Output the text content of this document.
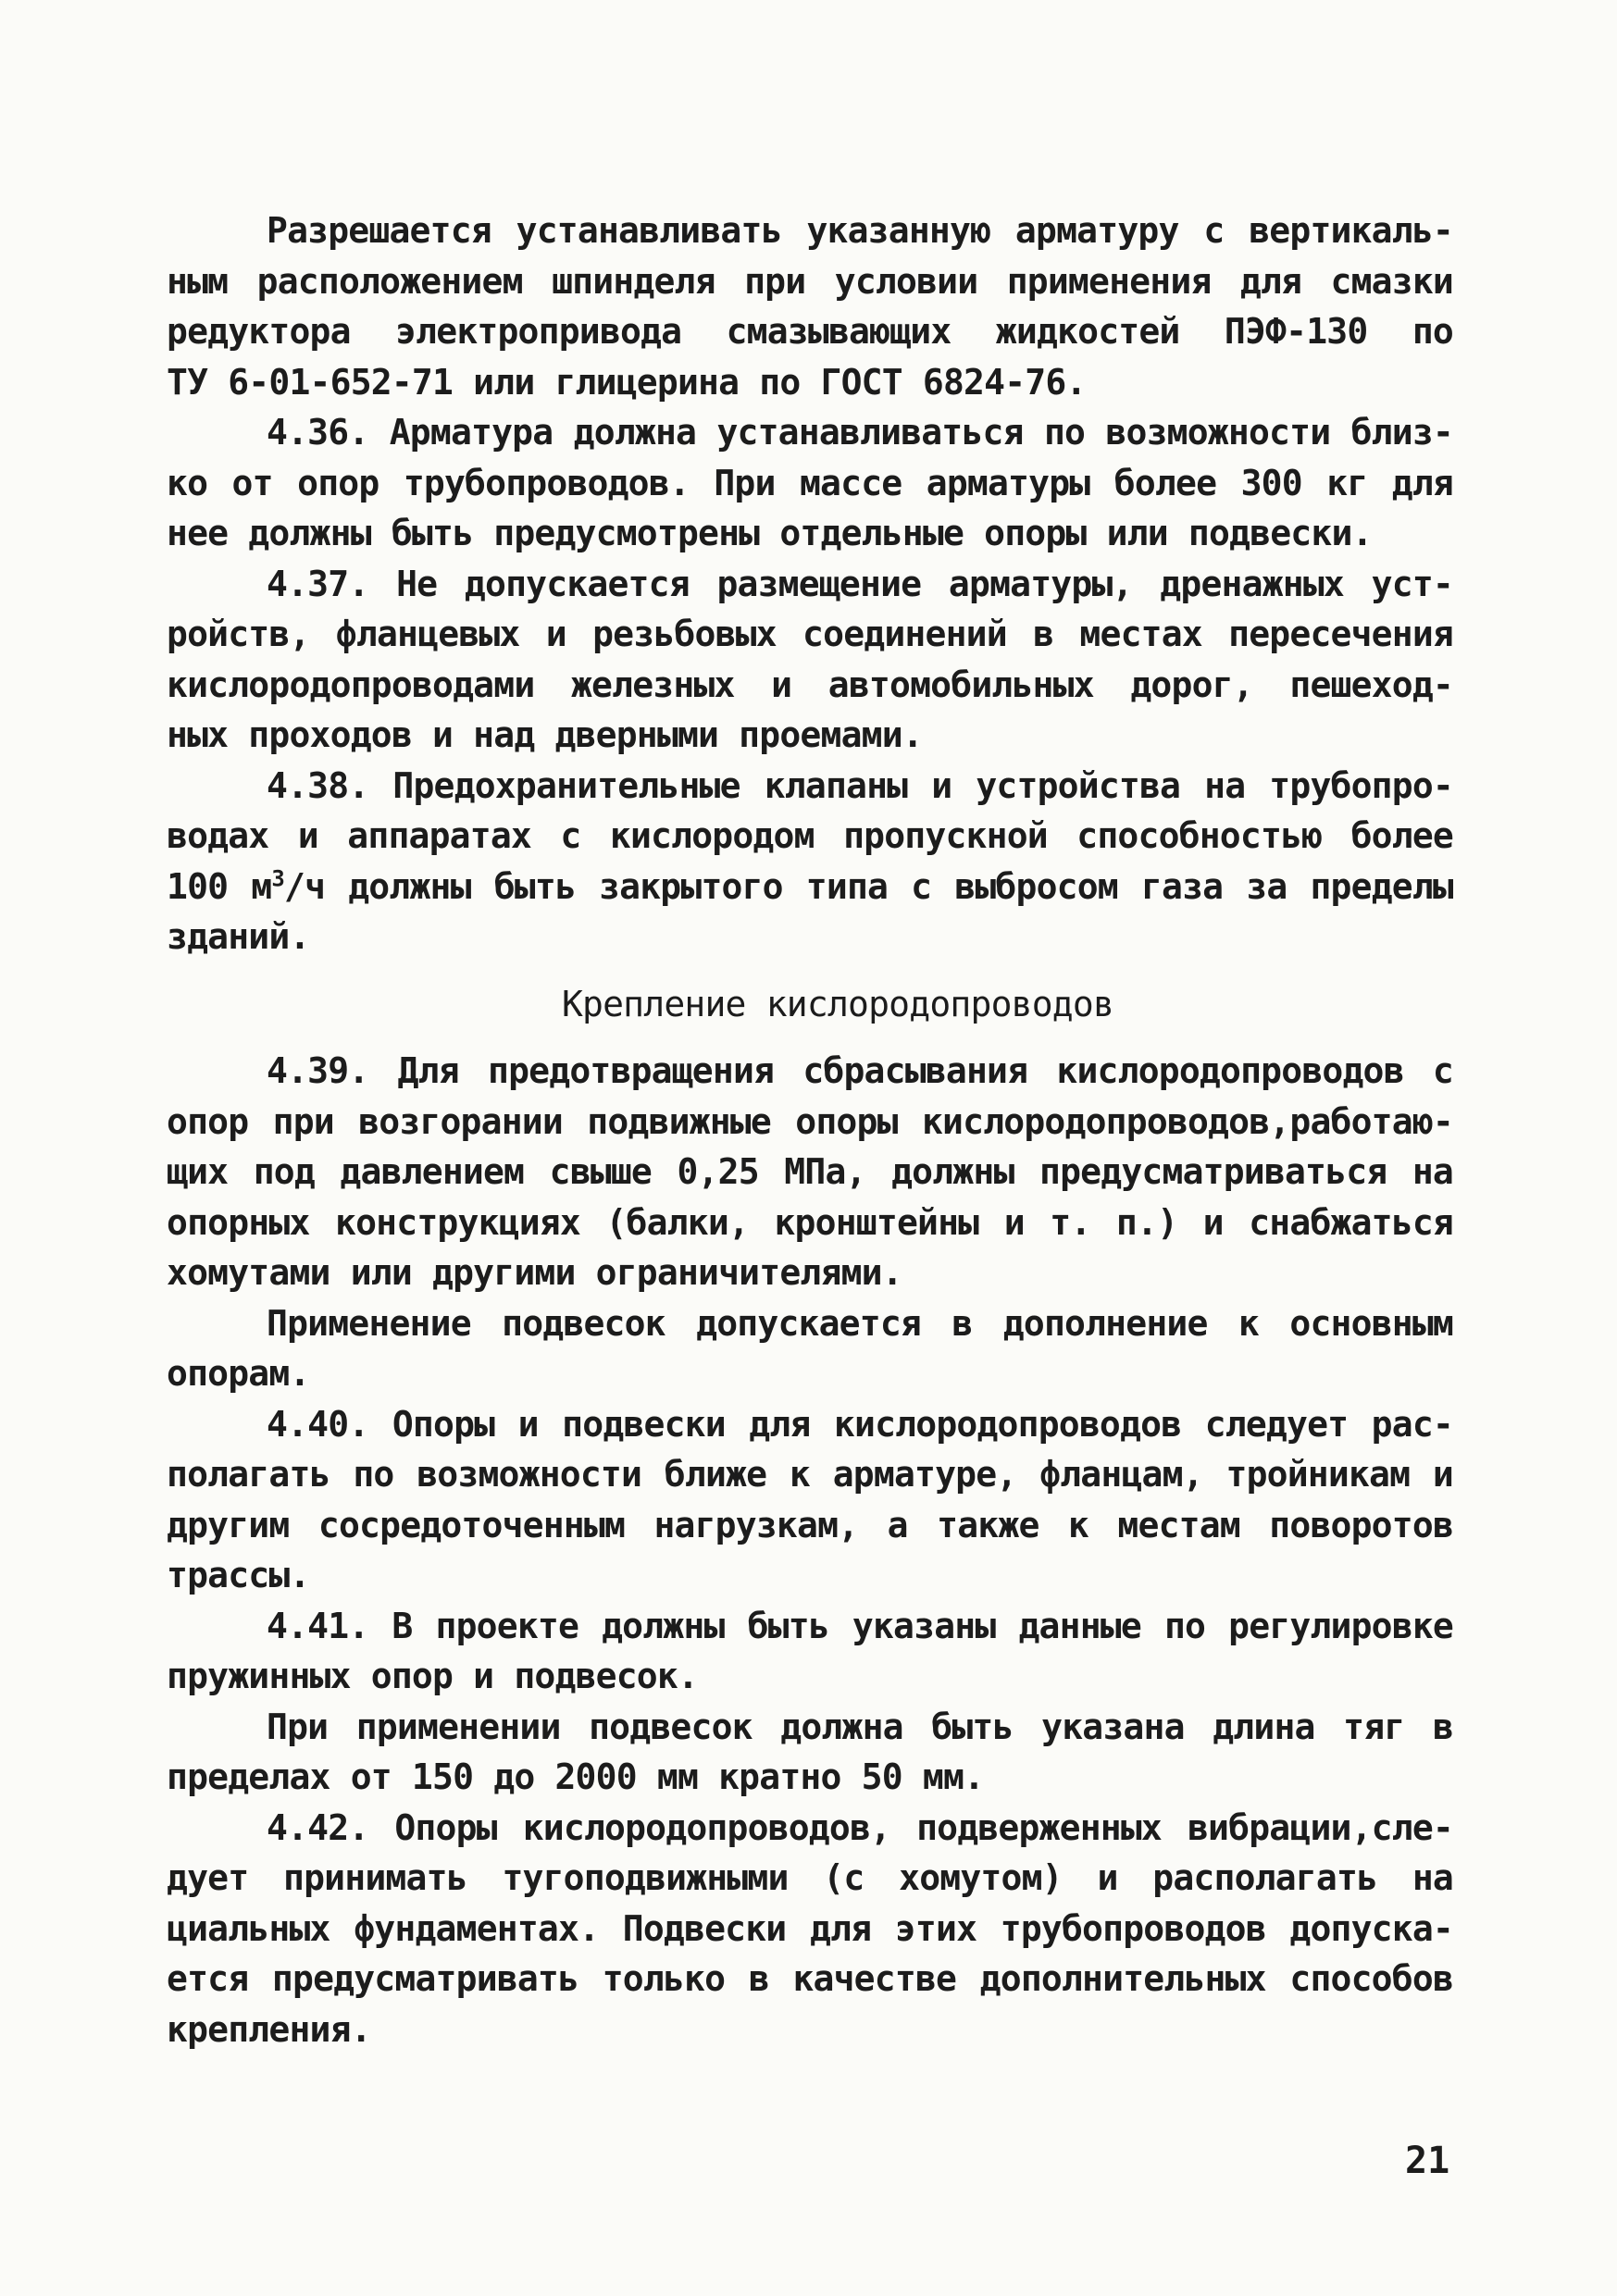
Разрешается устанавливать указанную арматуру с вертикаль-
ным расположением шпинделя при условии применения для смазки
редуктора электропривода смазывающих жидкостей ПЭФ-130 по
ТУ 6-01-652-71 или глицерина по ГОСТ 6824-76.
4.36. Арматура должна устанавливаться по возможности близ-
ко от опор трубопроводов. При массе арматуры более 300 кг для
нее должны быть предусмотрены отдельные опоры или подвески.
4.37. Не допускается размещение арматуры, дренажных уст-
ройств, фланцевых и резьбовых соединений в местах пересечения
кислородопроводами железных и автомобильных дорог, пешеход-
ных проходов и над дверными проемами.
4.38. Предохранительные клапаны и устройства на трубопро-
водах и аппаратах с кислородом пропускной способностью более
100 $м^3/ч$ должны быть закрытого типа с выбросом газа за пределы
зданий.
Крепление кислородопроводов
4.39. Для предотвращения сбрасывания кислородопроводов с
опор при возгорании подвижные опоры кислородопроводов,работаю-
щих под давлением свыше 0,25 МПа, должны предусматриваться на
опорных конструкциях (балки, кронштейны и т. п.) и снабжаться
хомутами или другими ограничителями.
Применение подвесок допускается в дополнение к основным
опорам.
4.40. Опоры и подвески для кислородопроводов следует рас-
полагать по возможности ближе к арматуре, фланцам, тройникам и
другим сосредоточенным нагрузкам, а также к местам поворотов
трассы.
4.41. В проекте должны быть указаны данные по регулировке
пружинных опор и подвесок.
При применении подвесок должна быть указана длина тяг в
пределах от 150 до 2000 мм кратно 50 мм.
4.42. Опоры кислородопроводов, подверженных вибрации,сле-
дует принимать тугоподвижными (с хомутом) и располагать на
циальных фундаментах. Подвески для этих трубопроводов допуска-
ется предусматривать только в качестве дополнительных способов
крепления.
21
